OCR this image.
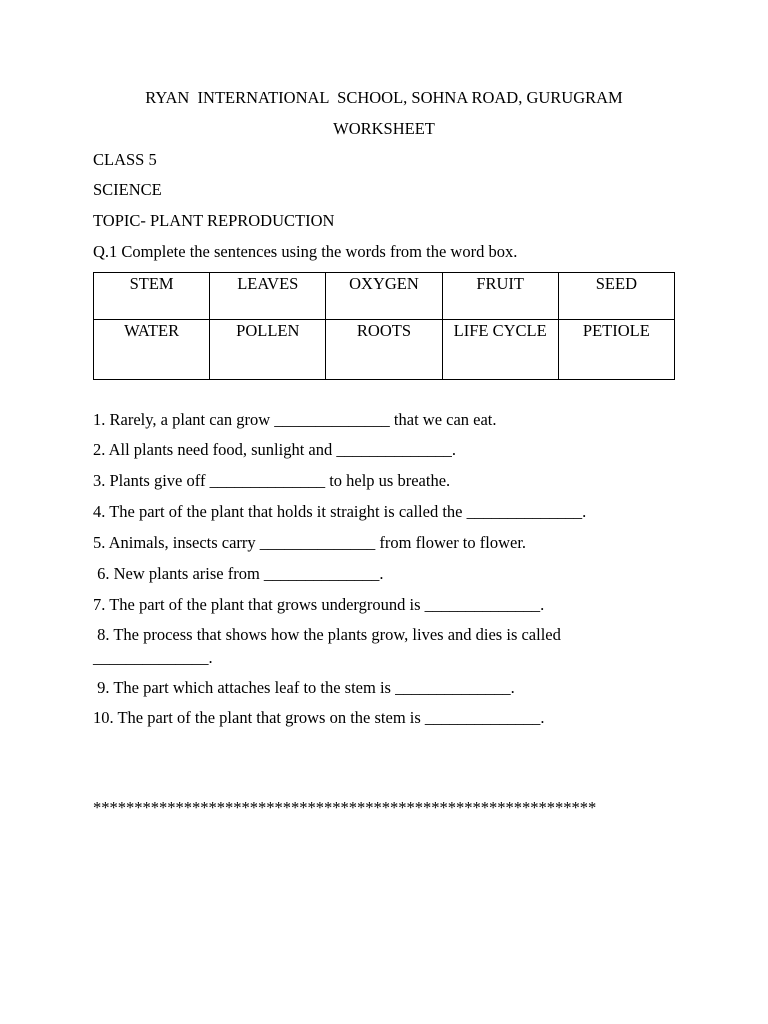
RYAN  INTERNATIONAL  SCHOOL, SOHNA ROAD, GURUGRAM
WORKSHEET
CLASS 5
SCIENCE
TOPIC- PLANT REPRODUCTION
Q.1 Complete the sentences using the words from the word box.
STEM	LEAVES	OXYGEN	FRUIT	SEED
WATER	POLLEN	ROOTS	LIFE CYCLE	PETIOLE
1. Rarely, a plant can grow ______________ that we can eat.
2. All plants need food, sunlight and ______________.
3. Plants give off ______________ to help us breathe.
4. The part of the plant that holds it straight is called the ______________.
5. Animals, insects carry ______________ from flower to flower.
6. New plants arise from ______________.
7. The part of the plant that grows underground is ______________.
8. The process that shows how the plants grow, lives and dies is called
______________.
9. The part which attaches leaf to the stem is ______________.
10. The part of the plant that grows on the stem is ______________.
*************************************************************
